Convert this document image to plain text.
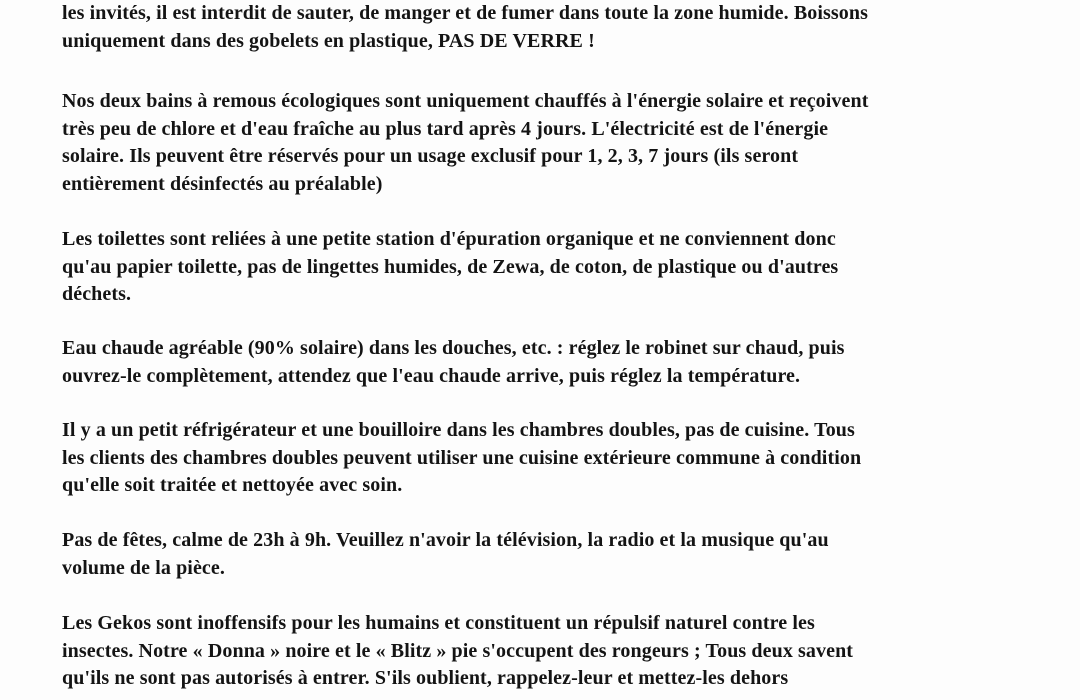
les invités, il est interdit de sauter, de manger et de fumer dans toute la zone humide. Boissons
uniquement dans des gobelets en plastique, PAS DE VERRE !

Nos deux bains à remous écologiques sont uniquement chauffés à l'énergie solaire et reçoivent
très peu de chlore et d'eau fraîche au plus tard après 4 jours. L'électricité est de l'énergie
solaire. Ils peuvent être réservés pour un usage exclusif pour 1, 2, 3, 7 jours (ils seront
entièrement désinfectés au préalable)

Les toilettes sont reliées à une petite station d'épuration organique et ne conviennent donc
qu'au papier toilette, pas de lingettes humides, de Zewa, de coton, de plastique ou d'autres
déchets.

Eau chaude agréable (90% solaire) dans les douches, etc. : réglez le robinet sur chaud, puis
ouvrez-le complètement, attendez que l'eau chaude arrive, puis réglez la température.

Il y a un petit réfrigérateur et une bouilloire dans les chambres doubles, pas de cuisine. Tous
les clients des chambres doubles peuvent utiliser une cuisine extérieure commune à condition
qu'elle soit traitée et nettoyée avec soin.

Pas de fêtes, calme de 23h à 9h. Veuillez n'avoir la télévision, la radio et la musique qu'au
volume de la pièce.

Les Gekos sont inoffensifs pour les humains et constituent un répulsif naturel contre les
insectes. Notre « Donna » noire et le « Blitz » pie s'occupent des rongeurs ; Tous deux savent
qu'ils ne sont pas autorisés à entrer. S'ils oublient, rappelez-leur et mettez-les dehors
